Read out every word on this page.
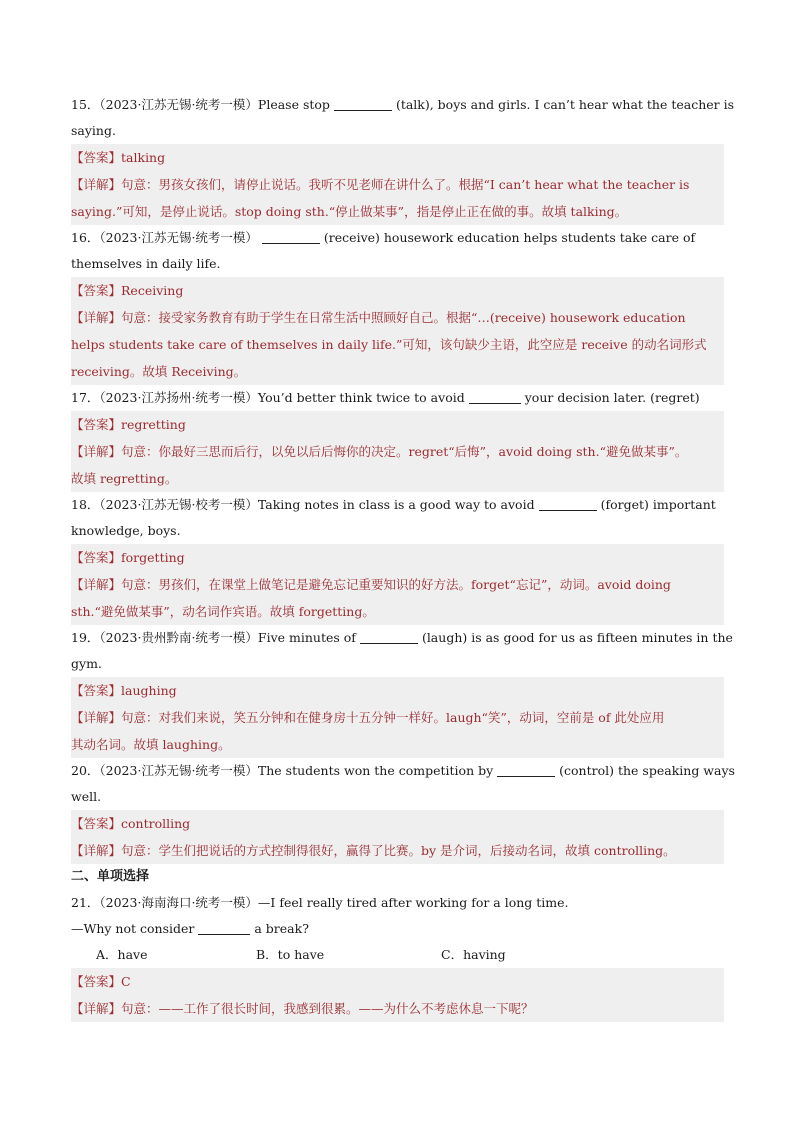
15．（2023·江苏无锡·统考一模）Please stop	(talk), boys and girls. I can’t hear what the teacher is
saying.
【答案】talking
【详解】句意：男孩女孩们，请停止说话。我听不见老师在讲什么了。根据“I can’t hear what the teacher is
saying.”可知，是停止说话。stop doing sth.“停止做某事”，指是停止正在做的事。故填 talking。
16．（2023·江苏无锡·统考一模）	(receive) housework education helps students take care of
themselves in daily life.
【答案】Receiving
【详解】句意：接受家务教育有助于学生在日常生活中照顾好自己。根据“…(receive) housework education
helps students take care of themselves in daily life.”可知，该句缺少主语，此空应是 receive 的动名词形式
receiving。故填 Receiving。
17．（2023·江苏扬州·统考一模）You’d better think twice to avoid	your decision later. (regret)
【答案】regretting
【详解】句意：你最好三思而后行，以免以后后悔你的决定。regret“后悔”，avoid doing sth.“避免做某事”。
故填 regretting。
18．（2023·江苏无锡·校考一模）Taking notes in class is a good way to avoid	(forget) important
knowledge, boys.
【答案】forgetting
【详解】句意：男孩们，在课堂上做笔记是避免忘记重要知识的好方法。forget“忘记”，动词。avoid doing
sth.“避免做某事”，动名词作宾语。故填 forgetting。
19．（2023·贵州黔南·统考一模）Five minutes of	(laugh) is as good for us as fifteen minutes in the
gym.
【答案】laughing
【详解】句意：对我们来说，笑五分钟和在健身房十五分钟一样好。laugh“笑”，动词，空前是 of 此处应用
其动名词。故填 laughing。
20．（2023·江苏无锡·统考一模）The students won the competition by	(control) the speaking ways
well.
【答案】controlling
【详解】句意：学生们把说话的方式控制得很好，赢得了比赛。by 是介词，后接动名词，故填 controlling。
二、单项选择
21．（2023·海南海口·统考一模）—I feel really tired after working for a long time.
—Why not consider	a break?
A．have	B．to have	C．having
【答案】C
【详解】句意：——工作了很长时间，我感到很累。——为什么不考虑休息一下呢？
